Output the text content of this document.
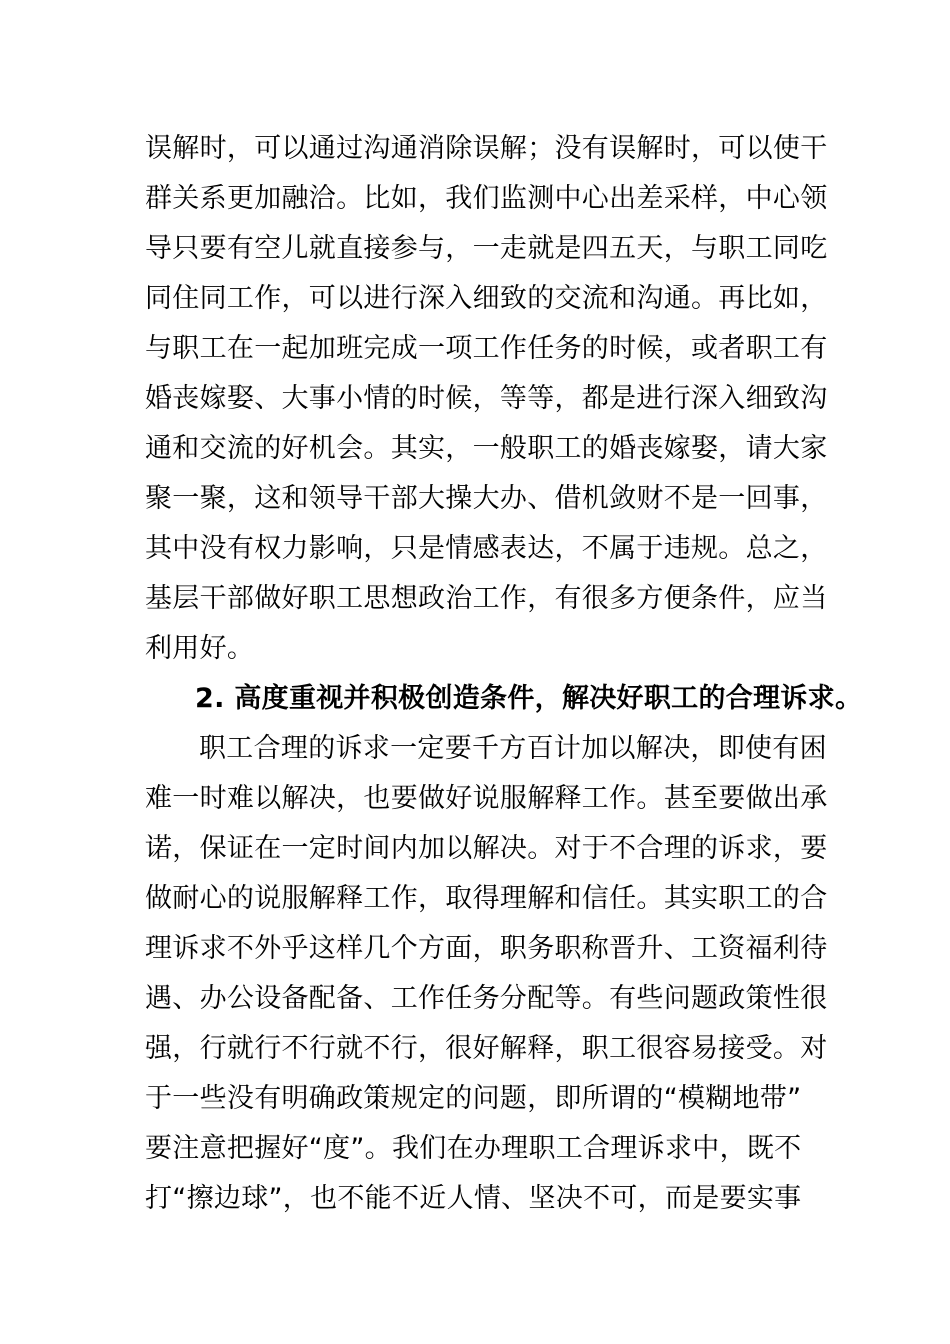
误解时，可以通过沟通消除误解；没有误解时，可以使干
群关系更加融洽。比如，我们监测中心出差采样，中心领
导只要有空儿就直接参与，一走就是四五天，与职工同吃
同住同工作，可以进行深入细致的交流和沟通。再比如，
与职工在一起加班完成一项工作任务的时候，或者职工有
婚丧嫁娶、大事小情的时候，等等，都是进行深入细致沟
通和交流的好机会。其实，一般职工的婚丧嫁娶，请大家
聚一聚，这和领导干部大操大办、借机敛财不是一回事，
其中没有权力影响，只是情感表达，不属于违规。总之，
基层干部做好职工思想政治工作，有很多方便条件，应当
利用好。
2. 高度重视并积极创造条件，解决好职工的合理诉求。
职工合理的诉求一定要千方百计加以解决，即使有困
难一时难以解决，也要做好说服解释工作。甚至要做出承
诺，保证在一定时间内加以解决。对于不合理的诉求，要
做耐心的说服解释工作，取得理解和信任。其实职工的合
理诉求不外乎这样几个方面，职务职称晋升、工资福利待
遇、办公设备配备、工作任务分配等。有些问题政策性很
强，行就行不行就不行，很好解释，职工很容易接受。对
于一些没有明确政策规定的问题，即所谓的“模糊地带”
要注意把握好“度”。我们在办理职工合理诉求中，既不
打“擦边球”，也不能不近人情、坚决不可，而是要实事
